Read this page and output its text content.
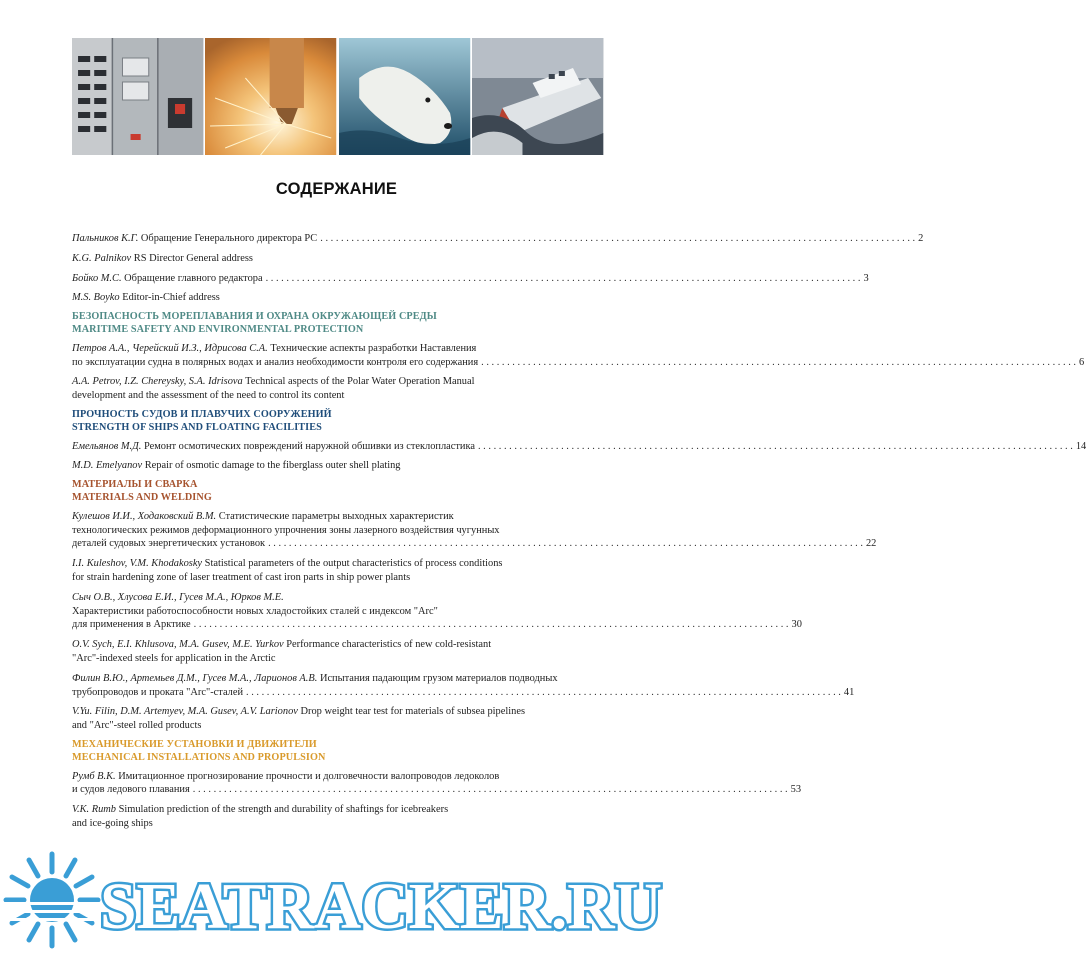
СОДЕРЖАНИЕ
Пальников К.Г. Обращение Генерального директора РС . . .	2
K.G. Palnikov RS Director General address
Бойко М.С. Обращение главного редактора . . .	3
M.S. Boyko Editor-in-Chief address
БЕЗОПАСНОСТЬ МОРЕПЛАВАНИЯ И ОХРАНА ОКРУЖАЮЩЕЙ СРЕДЫ
MARITIME SAFETY AND ENVIRONMENTAL PROTECTION
Петров А.А., Черейский И.З., Идрисова С.А. Технические аспекты разработки Наставления
по эксплуатации судна в полярных водах и анализ необходимости контроля его содержания . . .	6
A.A. Petrov, I.Z. Chereysky, S.A. Idrisova Technical aspects of the Polar Water Operation Manual
development and the assessment of the need to control its content
ПРОЧНОСТЬ СУДОВ И ПЛАВУЧИХ СООРУЖЕНИЙ
STRENGTH OF SHIPS AND FLOATING FACILITIES
Емельянов М.Д. Ремонт осмотических повреждений наружной обшивки из стеклопластика . . .	14
M.D. Emelyanov Repair of osmotic damage to the fiberglass outer shell plating
МАТЕРИАЛЫ И СВАРКА
MATERIALS AND WELDING
Кулешов И.И., Ходаковский В.М. Статистические параметры выходных характеристик
технологических режимов деформационного упрочнения зоны лазерного воздействия чугунных
деталей судовых энергетических установок . . .	22
I.I. Kuleshov, V.M. Khodakosky Statistical parameters of the output characteristics of process conditions
for strain hardening zone of laser treatment of cast iron parts in ship power plants
Сыч О.В., Хлусова Е.И., Гусев М.А., Юрков М.Е.
Характеристики работоспособности новых хладостойких сталей с индексом "Arc"
для применения в Арктике . . .	30
O.V. Sych, E.I. Khlusova, M.A. Gusev, M.E. Yurkov Performance characteristics of new cold-resistant
"Arc"-indexed steels for application in the Arctic
Филин В.Ю., Артемьев Д.М., Гусев М.А., Ларионов А.В. Испытания падающим грузом материалов подводных
трубопроводов и проката "Arc"-сталей . . .	41
V.Yu. Filin, D.M. Artemyev, M.A. Gusev, A.V. Larionov Drop weight tear test for materials of subsea pipelines
and "Arc"-steel rolled products
МЕХАНИЧЕСКИЕ УСТАНОВКИ И ДВИЖИТЕЛИ
MECHANICAL INSTALLATIONS AND PROPULSION
Румб В.К. Имитационное прогнозирование прочности и долговечности валопроводов ледоколов
и судов ледового плавания . . .	53
V.K. Rumb Simulation prediction of the strength and durability of shaftings for icebreakers
and ice-going ships
SEATRACKER.RU
